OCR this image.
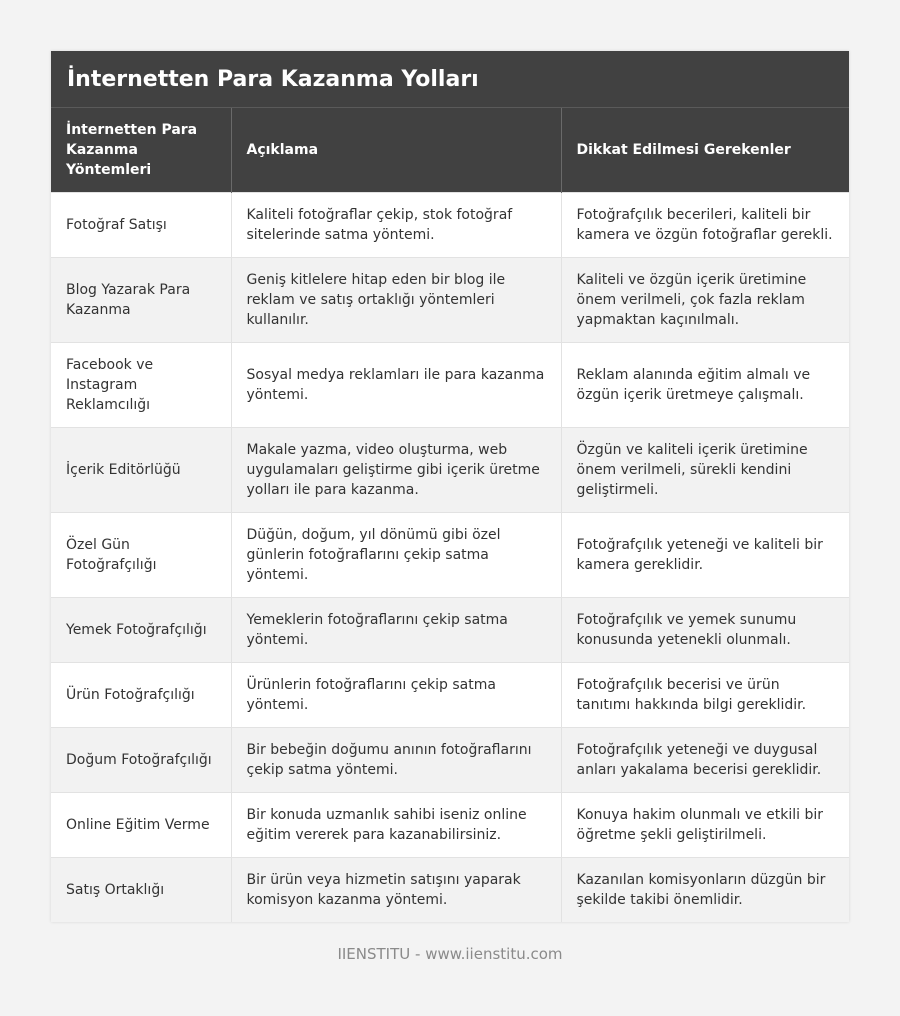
İnternetten Para Kazanma Yolları
İnternetten Para Kazanma Yöntemleri	Açıklama	Dikkat Edilmesi Gerekenler
Fotoğraf Satışı	Kaliteli fotoğraflar çekip, stok fotoğraf sitelerinde satma yöntemi.	Fotoğrafçılık becerileri, kaliteli bir kamera ve özgün fotoğraflar gerekli.
Blog Yazarak Para Kazanma	Geniş kitlelere hitap eden bir blog ile reklam ve satış ortaklığı yöntemleri kullanılır.	Kaliteli ve özgün içerik üretimine önem verilmeli, çok fazla reklam yapmaktan kaçınılmalı.
Facebook ve Instagram Reklamcılığı	Sosyal medya reklamları ile para kazanma yöntemi.	Reklam alanında eğitim almalı ve özgün içerik üretmeye çalışmalı.
İçerik Editörlüğü	Makale yazma, video oluşturma, web uygulamaları geliştirme gibi içerik üretme yolları ile para kazanma.	Özgün ve kaliteli içerik üretimine önem verilmeli, sürekli kendini geliştirmeli.
Özel Gün Fotoğrafçılığı	Düğün, doğum, yıl dönümü gibi özel günlerin fotoğraflarını çekip satma yöntemi.	Fotoğrafçılık yeteneği ve kaliteli bir kamera gereklidir.
Yemek Fotoğrafçılığı	Yemeklerin fotoğraflarını çekip satma yöntemi.	Fotoğrafçılık ve yemek sunumu konusunda yetenekli olunmalı.
Ürün Fotoğrafçılığı	Ürünlerin fotoğraflarını çekip satma yöntemi.	Fotoğrafçılık becerisi ve ürün tanıtımı hakkında bilgi gereklidir.
Doğum Fotoğrafçılığı	Bir bebeğin doğumu anının fotoğraflarını çekip satma yöntemi.	Fotoğrafçılık yeteneği ve duygusal anları yakalama becerisi gereklidir.
Online Eğitim Verme	Bir konuda uzmanlık sahibi iseniz online eğitim vererek para kazanabilirsiniz.	Konuya hakim olunmalı ve etkili bir öğretme şekli geliştirilmeli.
Satış Ortaklığı	Bir ürün veya hizmetin satışını yaparak komisyon kazanma yöntemi.	Kazanılan komisyonların düzgün bir şekilde takibi önemlidir.
IIENSTITU - www.iienstitu.com
